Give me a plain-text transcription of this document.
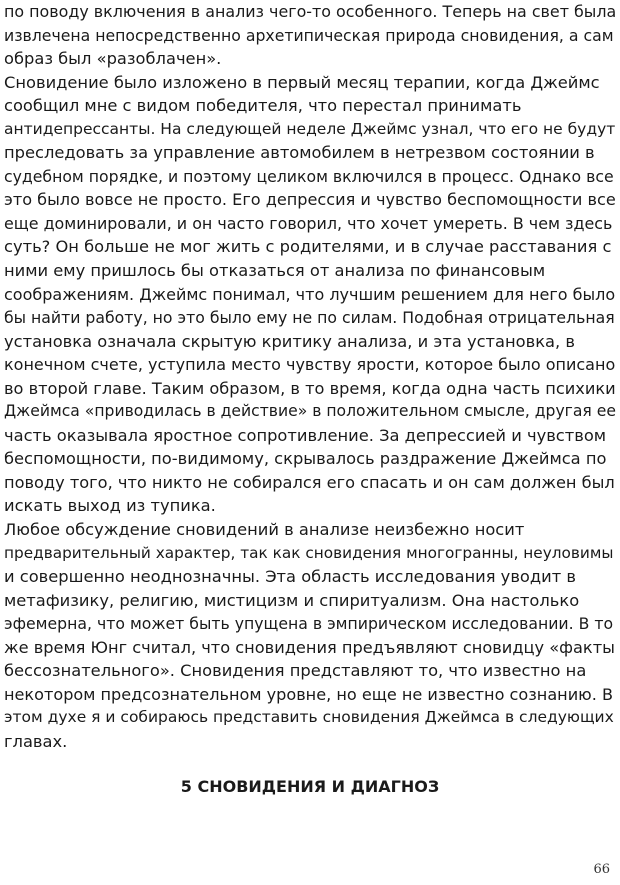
по поводу включения в анализ чего-то особенного. Теперь на свет была
извлечена непосредственно архетипическая природа сновидения, а сам
образ был «разоблачен».
Сновидение было изложено в первый месяц терапии, когда Джеймс
сообщил мне с видом победителя, что перестал принимать
антидепрессанты. На следующей неделе Джеймс узнал, что его не будут
преследовать за управление автомобилем в нетрезвом состоянии в
судебном порядке, и поэтому целиком включился в процесс. Однако все
это было вовсе не просто. Его депрессия и чувство беспомощности все
еще доминировали, и он часто говорил, что хочет умереть. В чем здесь
суть? Он больше не мог жить с родителями, и в случае расставания с
ними ему пришлось бы отказаться от анализа по финансовым
соображениям. Джеймс понимал, что лучшим решением для него было
бы найти работу, но это было ему не по силам. Подобная отрицательная
установка означала скрытую критику анализа, и эта установка, в
конечном счете, уступила место чувству ярости, которое было описано
во второй главе. Таким образом, в то время, когда одна часть психики
Джеймса «приводилась в действие» в положительном смысле, другая ее
часть оказывала яростное сопротивление. За депрессией и чувством
беспомощности, по-видимому, скрывалось раздражение Джеймса по
поводу того, что никто не собирался его спасать и он сам должен был
искать выход из тупика.
Любое обсуждение сновидений в анализе неизбежно носит
предварительный характер, так как сновидения многогранны, неуловимы
и совершенно неоднозначны. Эта область исследования уводит в
метафизику, религию, мистицизм и спиритуализм. Она настолько
эфемерна, что может быть упущена в эмпирическом исследовании. В то
же время Юнг считал, что сновидения предъявляют сновидцу «факты
бессознательного». Сновидения представляют то, что известно на
некотором предсознательном уровне, но еще не известно сознанию. В
этом духе я и собираюсь представить сновидения Джеймса в следующих
главах.
5 СНОВИДЕНИЯ И ДИАГНОЗ
66
